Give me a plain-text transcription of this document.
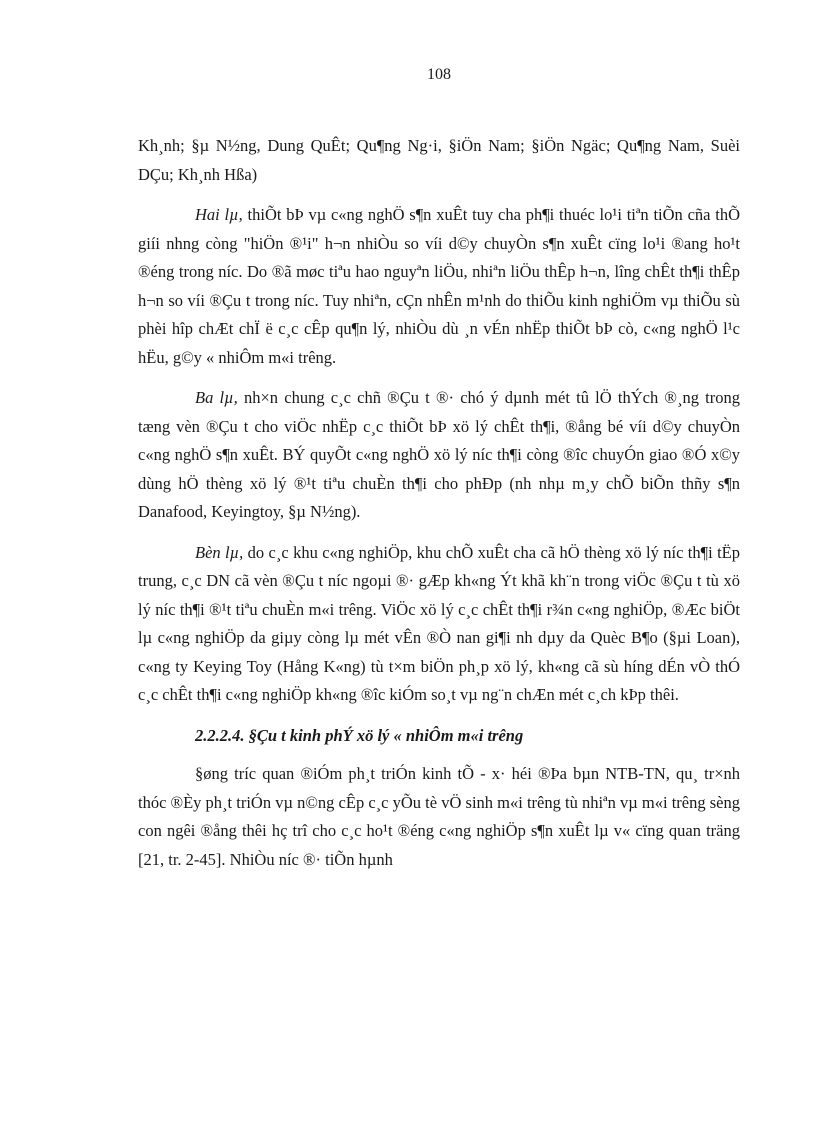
108

Kh¸nh; §µ N½ng, Dung QuÊt; Qu¶ng Ng·i, §iÖn Nam; §iÖn Ngäc; Qu¶ng Nam, Suèi DÇu; Kh¸nh Hßa)

Hai lµ, thiÕt bÞ vµ c«ng nghÖ s¶n xuÊt tuy cha ph¶i thuéc lo¹i tiªn tiÕn cña thÕ giíi nhng còng "hiÖn ®¹i" h¬n nhiÒu so víi d©y chuyÒn s¶n xuÊt cïng lo¹i ®ang ho¹t ®éng trong níc. Do ®ã møc tiªu hao nguyªn liÖu, nhiªn liÖu thÊp h¬n, lîng chÊt th¶i thÊp h¬n so víi ®Çu t trong níc. Tuy nhiªn, cÇn nhÊn m¹nh do thiÕu kinh nghiÖm vµ thiÕu sù phèi hîp chÆt chÏ ë c¸c cÊp qu¶n lý, nhiÒu dù ¸n vÉn nhËp thiÕt bÞ cò, c«ng nghÖ l¹c hËu, g©y « nhiÔm m«i trêng.

Ba lµ, nh×n chung c¸c chñ ®Çu t ®· chó ý dµnh mét tû lÖ thÝch ®¸ng trong tæng vèn ®Çu t cho viÖc nhËp c¸c thiÕt bÞ xö lý chÊt th¶i, ®ång bé víi d©y chuyÒn c«ng nghÖ s¶n xuÊt. BÝ quyÕt c«ng nghÖ xö lý níc th¶i còng ®îc chuyÓn giao ®Ó x©y dùng hÖ thèng xö lý ®¹t tiªu chuÈn th¶i cho phÐp (nh nhµ m¸y chÕ biÕn thñy s¶n Danafood, Keyingtoy, §µ N½ng).

Bèn lµ, do c¸c khu c«ng nghiÖp, khu chÕ xuÊt cha cã hÖ thèng xö lý níc th¶i tËp trung, c¸c DN cã vèn ®Çu t níc ngoµi ®· gÆp kh«ng Ýt khã kh¨n trong viÖc ®Çu t tù xö lý níc th¶i ®¹t tiªu chuÈn m«i trêng. ViÖc xö lý c¸c chÊt th¶i r¾n c«ng nghiÖp, ®Æc biÖt lµ c«ng nghiÖp da giµy còng lµ mét vÊn ®Ò nan gi¶i nh dµy da Quèc B¶o (§µi Loan), c«ng ty Keying Toy (Hång K«ng) tù t×m biÖn ph¸p xö lý, kh«ng cã sù híng dÉn vÒ thÓ c¸c chÊt th¶i c«ng nghiÖp kh«ng ®îc kiÓm so¸t vµ ng¨n chÆn mét c¸ch kÞp thêi.

2.2.2.4. §Çu t kinh phÝ xö lý « nhiÔm m«i trêng

§øng tríc quan ®iÓm ph¸t triÓn kinh tÕ - x· héi ®Þa bµn NTB-TN, qu¸ tr×nh thóc ®Èy ph¸t triÓn vµ n©ng cÊp c¸c yÕu tè vÖ sinh m«i trêng tù nhiªn vµ m«i trêng sèng con ngêi ®ång thêi hç trî cho c¸c ho¹t ®éng c«ng nghiÖp s¶n xuÊt lµ v« cïng quan träng [21, tr. 2-45]. NhiÒu níc ®· tiÕn hµnh
